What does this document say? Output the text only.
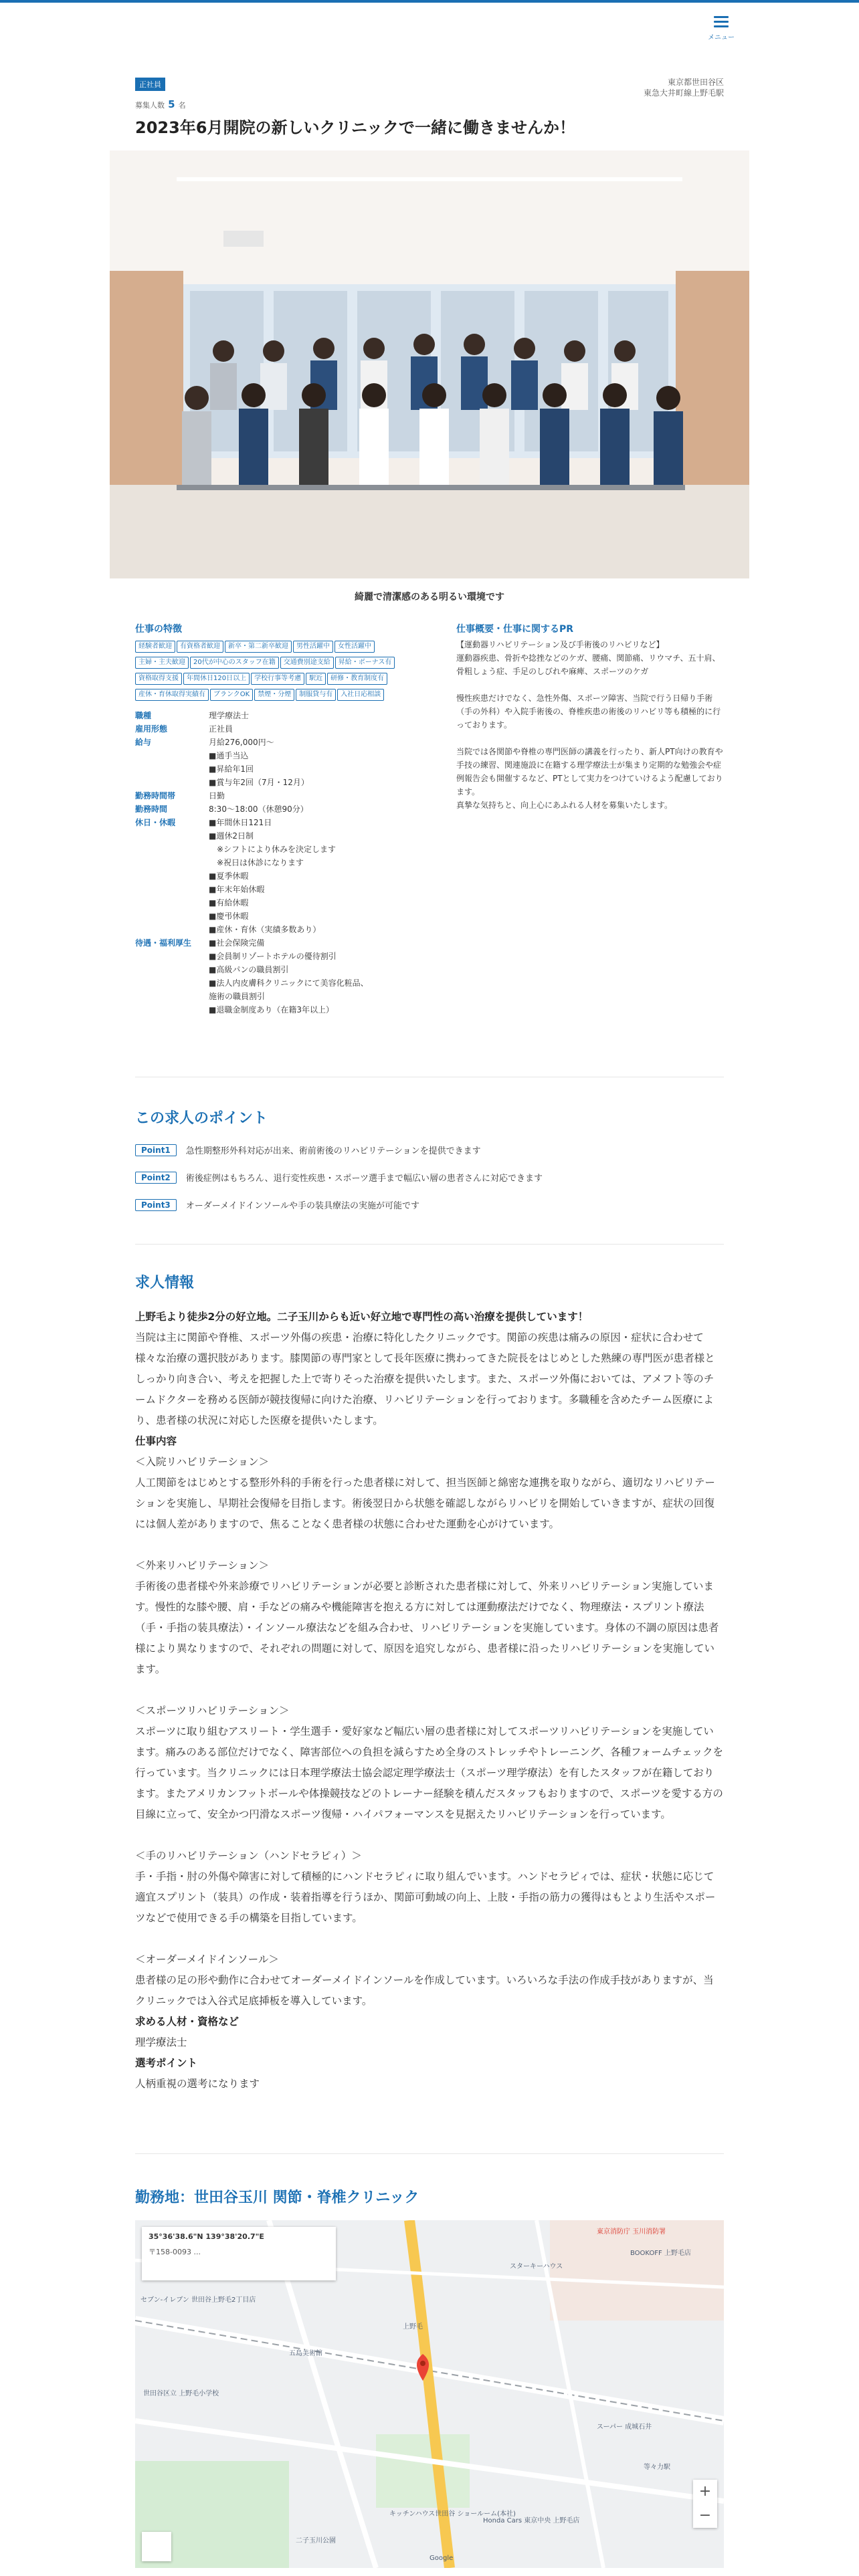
メニュー
正社員
募集人数 5 名
東京都世田谷区
東急大井町線上野毛駅
2023年6月開院の新しいクリニックで一緒に働きませんか！
綺麗で清潔感のある明るい環境です
仕事の特徴
経験者歓迎 有資格者歓迎 新卒・第二新卒歓迎 男性活躍中 女性活躍中主婦・主夫歓迎 20代が中心のスタッフ在籍 交通費別途支給 昇給・ボーナス有資格取得支援 年間休日120日以上 学校行事等考慮 駅近 研修・教育制度有産休・育休取得実績有 ブランクOK 禁煙・分煙 制服貸与有 入社日応相談
職種	理学療法士
雇用形態	正社員
給与	月給276,000円〜
■通手当込
■昇給年1回
■賞与年2回（7月・12月）
勤務時間帯	日勤
勤務時間	8:30〜18:00（休憩90分）
休日・休暇	■年間休日121日
■週休2日制
　※シフトにより休みを決定します
　※祝日は休診になります
■夏季休暇
■年末年始休暇
■有給休暇
■慶弔休暇
■産休・育休（実績多数あり）
待遇・福利厚生	■社会保険完備
■会員制リゾートホテルの優待割引
■高級パンの職員割引
■法人内皮膚科クリニックにて美容化粧品、
施術の職員割引
■退職金制度あり（在籍3年以上）
仕事概要・仕事に関するPR
【運動器リハビリテーション及び手術後のリハビリなど】
運動器疾患、骨折や捻挫などのケガ、腰痛、関節痛、リウマチ、五十肩、骨粗しょう症、手足のしびれや麻痺、スポーツのケガ

慢性疾患だけでなく、急性外傷、スポーツ障害、当院で行う日帰り手術（手の外科）や入院手術後の、脊椎疾患の術後のリハビリ等も積極的に行っております。

当院では各関節や脊椎の専門医師の講義を行ったり、新人PT向けの教育や手技の練習、関連施設に在籍する理学療法士が集まり定期的な勉強会や症例報告会も開催するなど、PTとして実力をつけていけるよう配慮しております。
真摯な気持ちと、向上心にあふれる人材を募集いたします。
この求人のポイント
Point1	急性期整形外科対応が出来、術前術後のリハビリテーションを提供できます
Point2	術後症例はもちろん、退行変性疾患・スポーツ選手まで幅広い層の患者さんに対応できます
Point3	オーダーメイドインソールや手の装具療法の実施が可能です
求人情報
上野毛より徒歩2分の好立地。二子玉川からも近い好立地で専門性の高い治療を提供しています！
当院は主に関節や脊椎、スポーツ外傷の疾患・治療に特化したクリニックです。関節の疾患は痛みの原因・症状に合わせて様々な治療の選択肢があります。膝関節の専門家として長年医療に携わってきた院長をはじめとした熟練の専門医が患者様としっかり向き合い、考えを把握した上で寄りそった治療を提供いたします。また、スポーツ外傷においては、アメフト等のチームドクターを務める医師が競技復帰に向けた治療、リハビリテーションを行っております。多職種を含めたチーム医療により、患者様の状況に対応した医療を提供いたします。
仕事内容
＜入院リハビリテーション＞
人工関節をはじめとする整形外科的手術を行った患者様に対して、担当医師と綿密な連携を取りながら、適切なリハビリテーションを実施し、早期社会復帰を目指します。術後翌日から状態を確認しながらリハビリを開始していきますが、症状の回復には個人差がありますので、焦ることなく患者様の状態に合わせた運動を心がけています。

＜外来リハビリテーション＞
手術後の患者様や外来診療でリハビリテーションが必要と診断された患者様に対して、外来リハビリテーション実施しています。慢性的な膝や腰、肩・手などの痛みや機能障害を抱える方に対しては運動療法だけでなく、物理療法・スプリント療法（手・手指の装具療法）・インソール療法などを組み合わせ、リハビリテーションを実施しています。身体の不調の原因は患者様により異なりますので、それぞれの問題に対して、原因を追究しながら、患者様に沿ったリハビリテーションを実施しています。

＜スポーツリハビリテーション＞
スポーツに取り組むアスリート・学生選手・愛好家など幅広い層の患者様に対してスポーツリハビリテーションを実施しています。痛みのある部位だけでなく、障害部位への負担を減らすため全身のストレッチやトレーニング、各種フォームチェックを行っています。当クリニックには日本理学療法士協会認定理学療法士（スポーツ理学療法）を有したスタッフが在籍しております。またアメリカンフットボールや体操競技などのトレーナー経験を積んだスタッフもおりますので、スポーツを愛する方の目線に立って、安全かつ円滑なスポーツ復帰・ハイパフォーマンスを見据えたリハビリテーションを行っています。

＜手のリハビリテーション（ハンドセラピィ）＞
手・手指・肘の外傷や障害に対して積極的にハンドセラピィに取り組んでいます。ハンドセラピィでは、症状・状態に応じて適宜スプリント（装具）の作成・装着指導を行うほか、関節可動域の向上、上肢・手指の筋力の獲得はもとより生活やスポーツなどで使用できる手の構築を目指しています。

＜オーダーメイドインソール＞
患者様の足の形や動作に合わせてオーダーメイドインソールを作成しています。いろいろな手法の作成手技がありますが、当クリニックでは入谷式足底挿板を導入しています。
求める人材・資格など
理学療法士
選考ポイント
人柄重視の選考になります
勤務地：世田谷玉川 関節・脊椎クリニック
東京消防庁 玉川消防署
BOOKOFF 上野毛店
スターキーハウス
セブン-イレブン 世田谷上野毛2丁目店
上野毛
五島美術館
二子玉川公園
世田谷区立 上野毛小学校
キッチンハウス世田谷 ショールーム(本社)
Honda Cars 東京中央 上野毛店
スーパー 成城石井
等々力駅
Google
35°36'38.6"N 139°38'20.7"E
〒158-0093 ...
+
−
